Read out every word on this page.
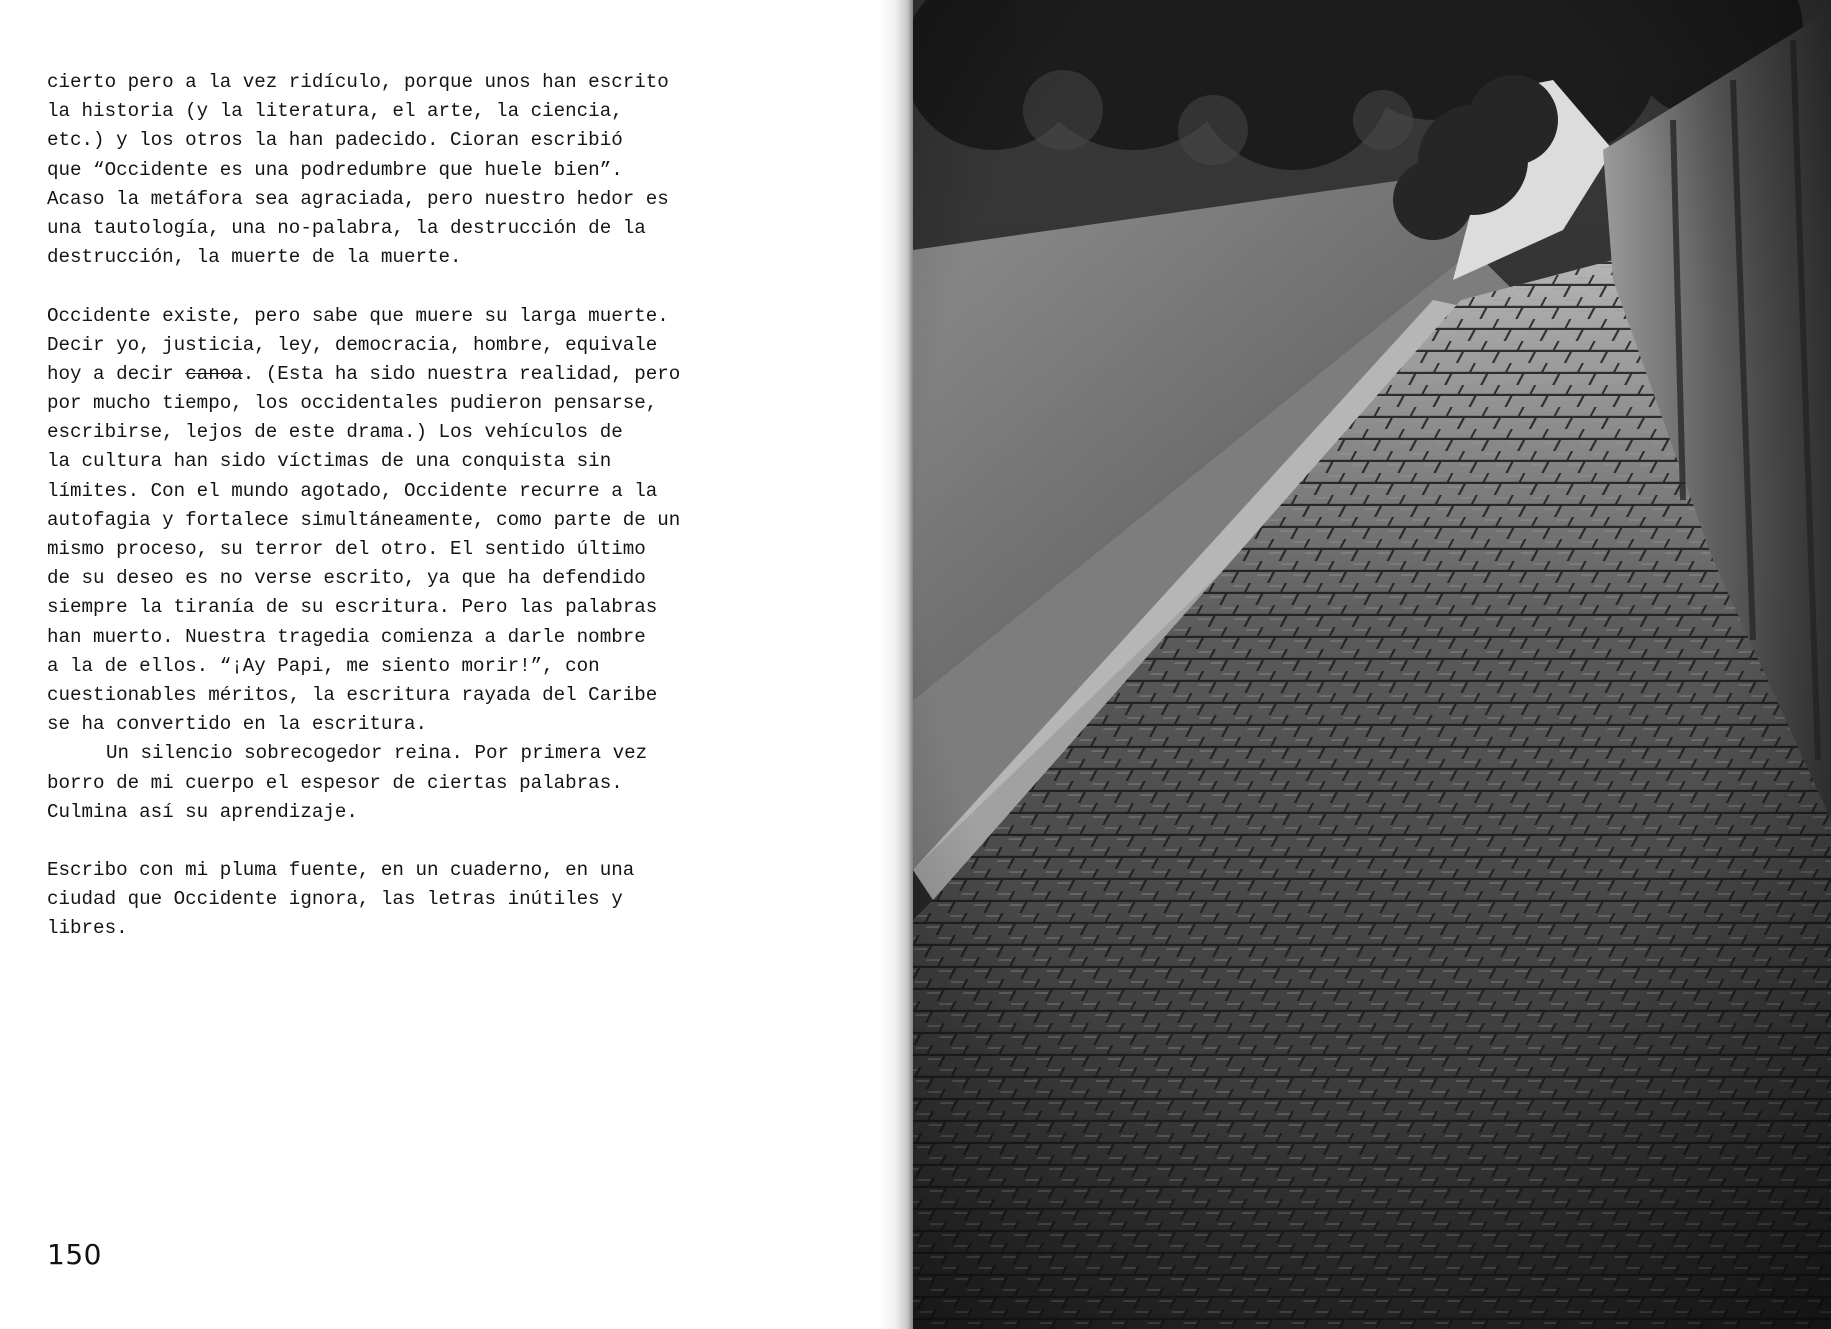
cierto pero a la vez ridículo, porque unos han escrito
la historia (y la literatura, el arte, la ciencia,
etc.) y los otros la han padecido. Cioran escribió
que “Occidente es una podredumbre que huele bien”.
Acaso la metáfora sea agraciada, pero nuestro hedor es
una tautología, una no-palabra, la destrucción de la
destrucción, la muerte de la muerte.
Occidente existe, pero sabe que muere su larga muerte.
Decir yo, justicia, ley, democracia, hombre, equivale
hoy a decir canoa. (Esta ha sido nuestra realidad, pero
por mucho tiempo, los occidentales pudieron pensarse,
escribirse, lejos de este drama.) Los vehículos de
la cultura han sido víctimas de una conquista sin
límites. Con el mundo agotado, Occidente recurre a la
autofagia y fortalece simultáneamente, como parte de un
mismo proceso, su terror del otro. El sentido último
de su deseo es no verse escrito, ya que ha defendido
siempre la tiranía de su escritura. Pero las palabras
han muerto. Nuestra tragedia comienza a darle nombre
a la de ellos. “¡Ay Papi, me siento morir!”, con
cuestionables méritos, la escritura rayada del Caribe
se ha convertido en la escritura.
Un silencio sobrecogedor reina. Por primera vez
borro de mi cuerpo el espesor de ciertas palabras.
Culmina así su aprendizaje.
Escribo con mi pluma fuente, en un cuaderno, en una
ciudad que Occidente ignora, las letras inútiles y
libres.
150
